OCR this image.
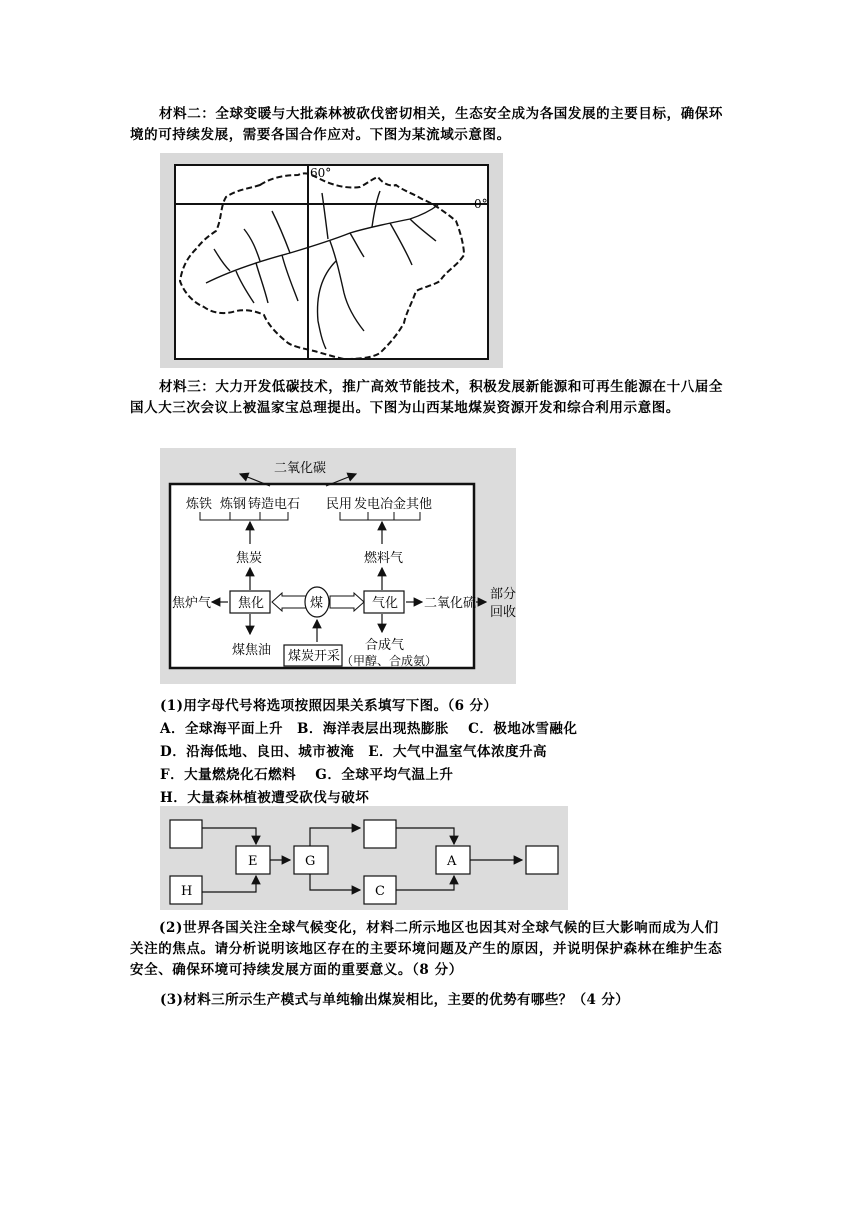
材料二：全球变暖与大批森林被砍伐密切相关，生态安全成为各国发展的主要目标，确保环境的可持续发展，需要各国合作应对。下图为某流域示意图。
60°
0°
材料三：大力开发低碳技术，推广高效节能技术，积极发展新能源和可再生能源在十八届全国人大三次会议上被温家宝总理提出。下图为山西某地煤炭资源开发和综合利用示意图。
二氧化碳
炼铁 炼钢 铸造 电石 民用 发电 冶金 其他
焦炭	燃料气
焦炉气 焦化	煤	气化 二氧化硫
部分
回收
煤焦油 煤炭开采
合成气
（甲醇、合成氨）
(1)用字母代号将选项按照因果关系填写下图。（6 分）
A．全球海平面上升　B．海洋表层出现热膨胀　 C．极地冰雪融化
D．沿海低地、良田、城市被淹　E．大气中温室气体浓度升高
F．大量燃烧化石燃料　 G．全球平均气温上升
H．大量森林植被遭受砍伐与破坏
H
E	G
C
A
(2)世界各国关注全球气候变化，材料二所示地区也因其对全球气候的巨大影响而成为人们关注的焦点。请分析说明该地区存在的主要环境问题及产生的原因，并说明保护森林在维护生态安全、确保环境可持续发展方面的重要意义。（8 分）
(3)材料三所示生产模式与单纯输出煤炭相比，主要的优势有哪些？（4 分）
